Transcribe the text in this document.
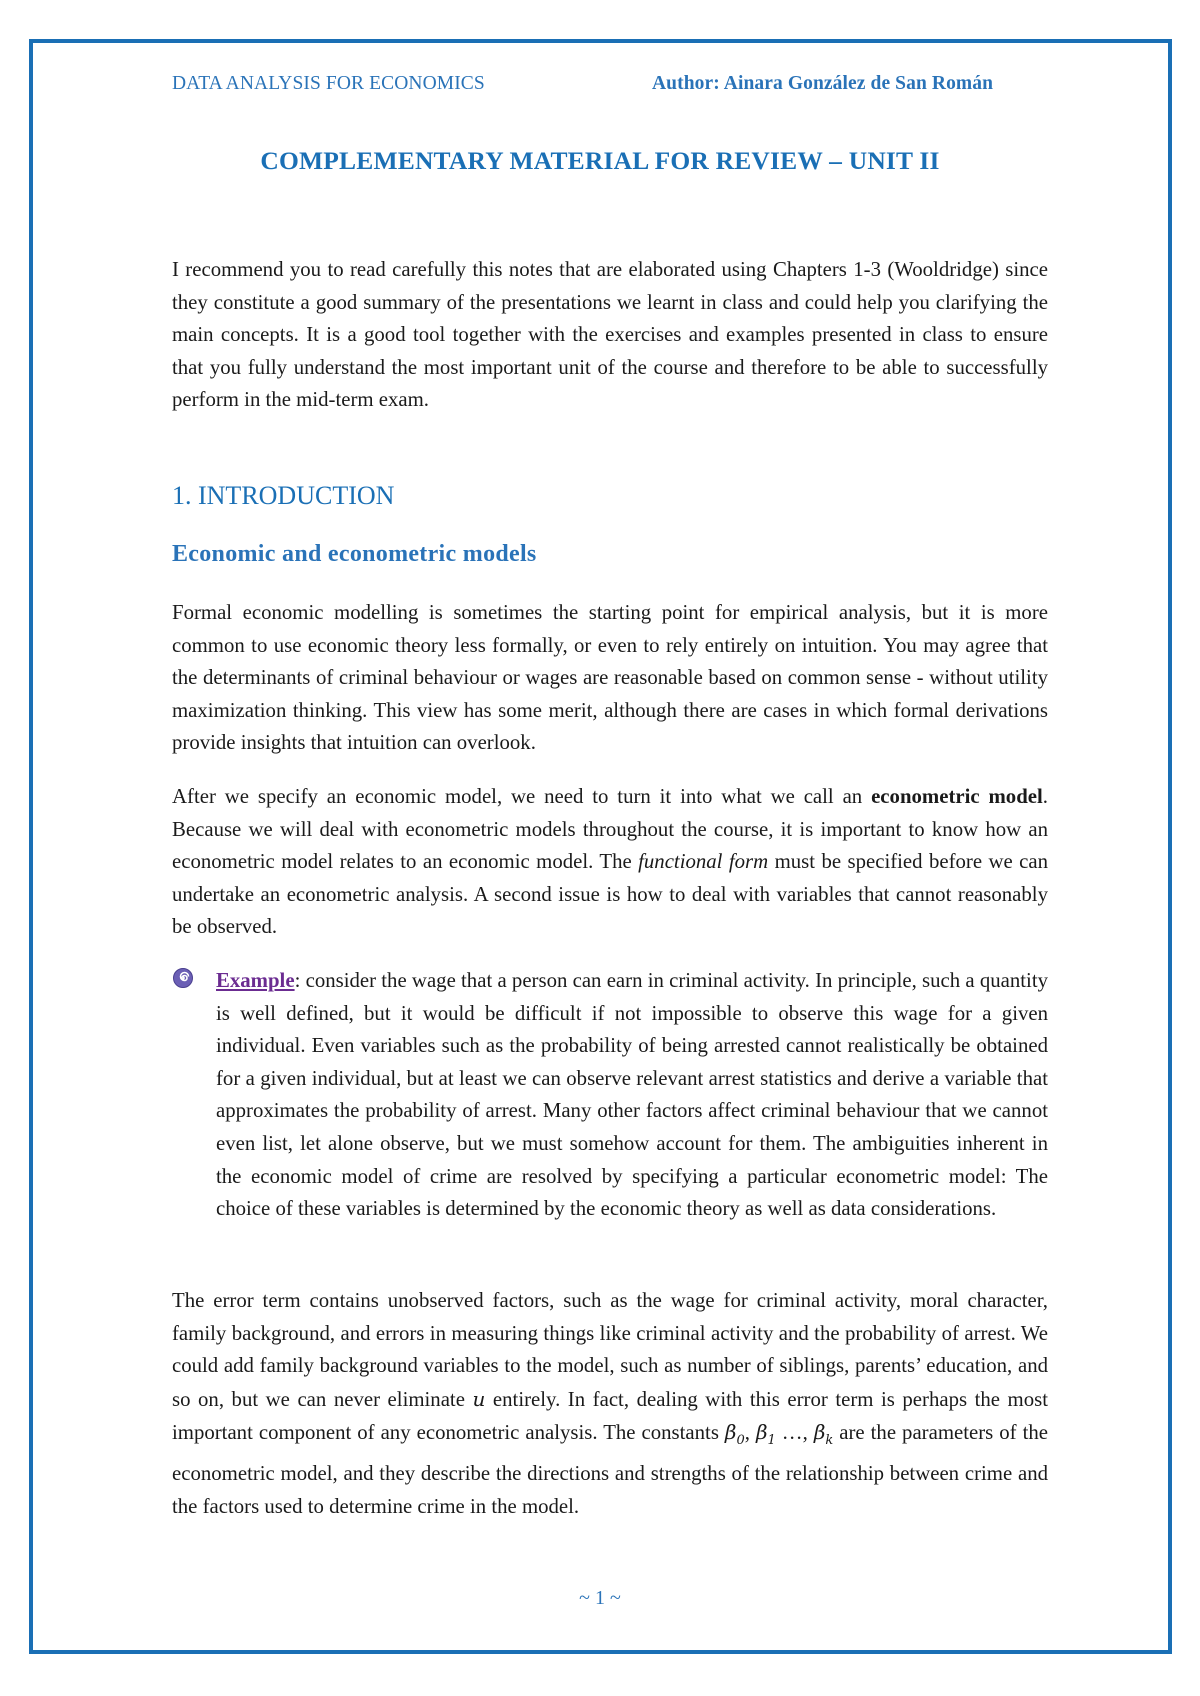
DATA ANALYSIS FOR ECONOMICS	Author: Ainara González de San Román
COMPLEMENTARY MATERIAL FOR REVIEW – UNIT II

I recommend you to read carefully this notes that are elaborated using Chapters 1-3 (Wooldridge) since they constitute a good summary of the presentations we learnt in class and could help you clarifying the main concepts. It is a good tool together with the exercises and examples presented in class to ensure that you fully understand the most important unit of the course and therefore to be able to successfully perform in the mid-term exam.

1. INTRODUCTION
Economic and econometric models

Formal economic modelling is sometimes the starting point for empirical analysis, but it is more common to use economic theory less formally, or even to rely entirely on intuition. You may agree that the determinants of criminal behaviour or wages are reasonable based on common sense - without utility maximization thinking. This view has some merit, although there are cases in which formal derivations provide insights that intuition can overlook.

After we specify an economic model, we need to turn it into what we call an econometric model. Because we will deal with econometric models throughout the course, it is important to know how an econometric model relates to an economic model. The functional form must be specified before we can undertake an econometric analysis. A second issue is how to deal with variables that cannot reasonably be observed.

Example: consider the wage that a person can earn in criminal activity. In principle, such a quantity is well defined, but it would be difficult if not impossible to observe this wage for a given individual. Even variables such as the probability of being arrested cannot realistically be obtained for a given individual, but at least we can observe relevant arrest statistics and derive a variable that approximates the probability of arrest. Many other factors affect criminal behaviour that we cannot even list, let alone observe, but we must somehow account for them. The ambiguities inherent in the economic model of crime are resolved by specifying a particular econometric model: The choice of these variables is determined by the economic theory as well as data considerations.

The error term contains unobserved factors, such as the wage for criminal activity, moral character, family background, and errors in measuring things like criminal activity and the probability of arrest. We could add family background variables to the model, such as number of siblings, parents’ education, and so on, but we can never eliminate u entirely. In fact, dealing with this error term is perhaps the most important component of any econometric analysis. The constants $\beta_0$, $\beta_1$ …, $\beta_k$ are the parameters of the econometric model, and they describe the directions and strengths of the relationship between crime and the factors used to determine crime in the model.

~ 1 ~
